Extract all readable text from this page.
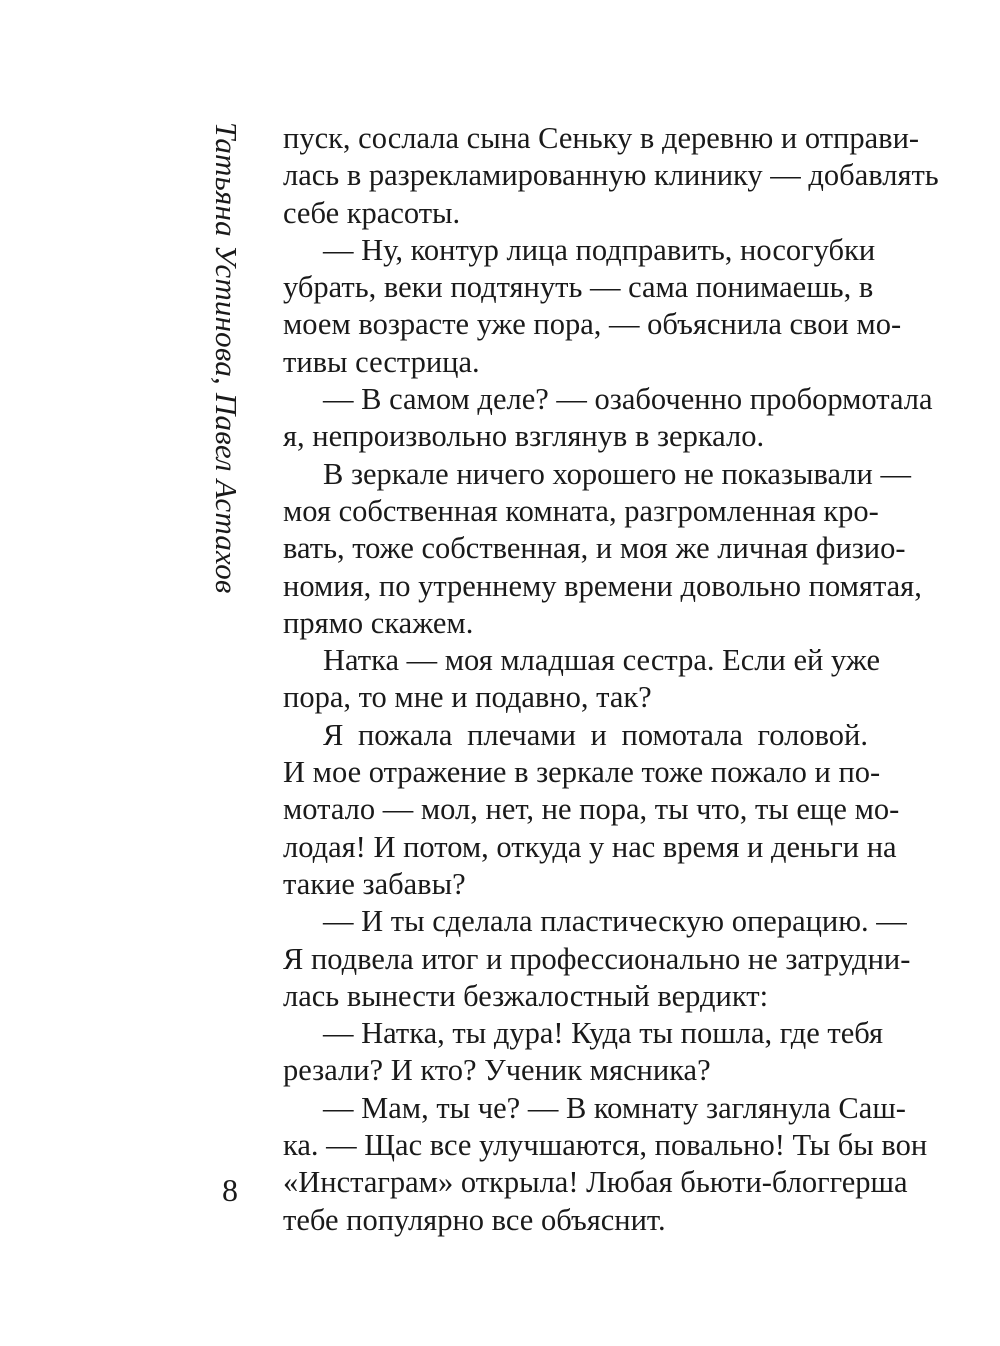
Татьяна Устинова, Павел Астахов пуск, сослала сына Сеньку в деревню и отправи-
лась в разрекламированную клинику — добавлять
себе красоты.
— Ну, контур лица подправить, носогубки
убрать, веки подтянуть — сама понимаешь, в
моем возрасте уже пора, — объяснила свои мо-
тивы сестрица.
— В самом деле? — озабоченно пробормотала
я, непроизвольно взглянув в зеркало.
В зеркале ничего хорошего не показывали —
моя собственная комната, разгромленная кро-
вать, тоже собственная, и моя же личная физио-
номия, по утреннему времени довольно помятая,
прямо скажем.
Натка — моя младшая сестра. Если ей уже
пора, то мне и подавно, так?
Я пожала плечами и помотала головой.
И мое отражение в зеркале тоже пожало и по-
мотало — мол, нет, не пора, ты что, ты еще мо-
лодая! И потом, откуда у нас время и деньги на
такие забавы?
— И ты сделала пластическую операцию. —
Я подвела итог и профессионально не затрудни-
лась вынести безжалостный вердикт:
— Натка, ты дура! Куда ты пошла, где тебя
резали? И кто? Ученик мясника?
— Мам, ты че? — В комнату заглянула Саш-
ка. — Щас все улучшаются, повально! Ты бы вон
«Инстаграм» открыла! Любая бьюти-блоггерша
тебе популярно все объяснит.
8
